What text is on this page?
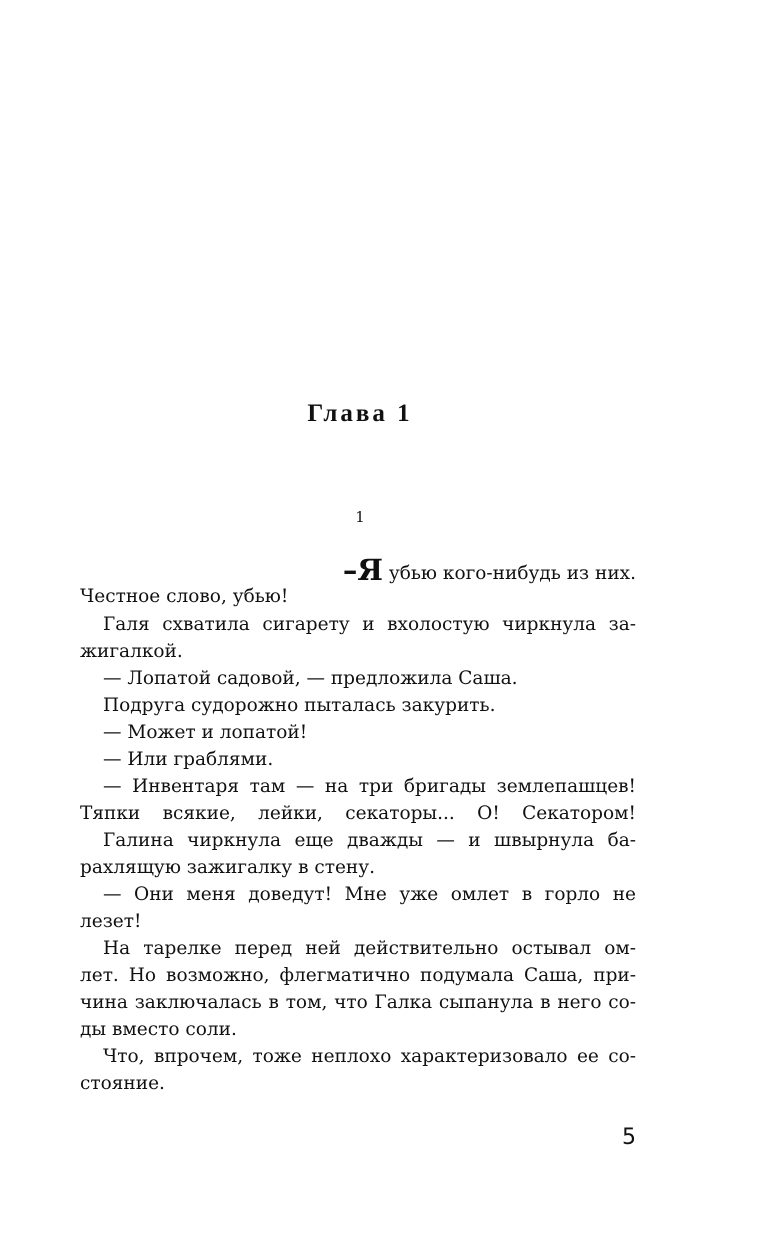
Глава 1

1

–Я убью кого-нибудь из них.

Честное слово, убью!

Галя схватила сигарету и вхолостую чиркнула за-

жигалкой.

— Лопатой садовой, — предложила Саша.

Подруга судорожно пыталась закурить.

— Может и лопатой!

— Или граблями.

— Инвентаря там — на три бригады землепашцев!

Тяпки всякие, лейки, секаторы... О! Секатором!

Галина чиркнула еще дважды — и швырнула ба-

рахлящую зажигалку в стену.

— Они меня доведут! Мне уже омлет в горло не

лезет!

На тарелке перед ней действительно остывал ом-

лет. Но возможно, флегматично подумала Саша, при-

чина заключалась в том, что Галка сыпанула в него со-

ды вместо соли.

Что, впрочем, тоже неплохо характеризовало ее со-

стояние.

5
